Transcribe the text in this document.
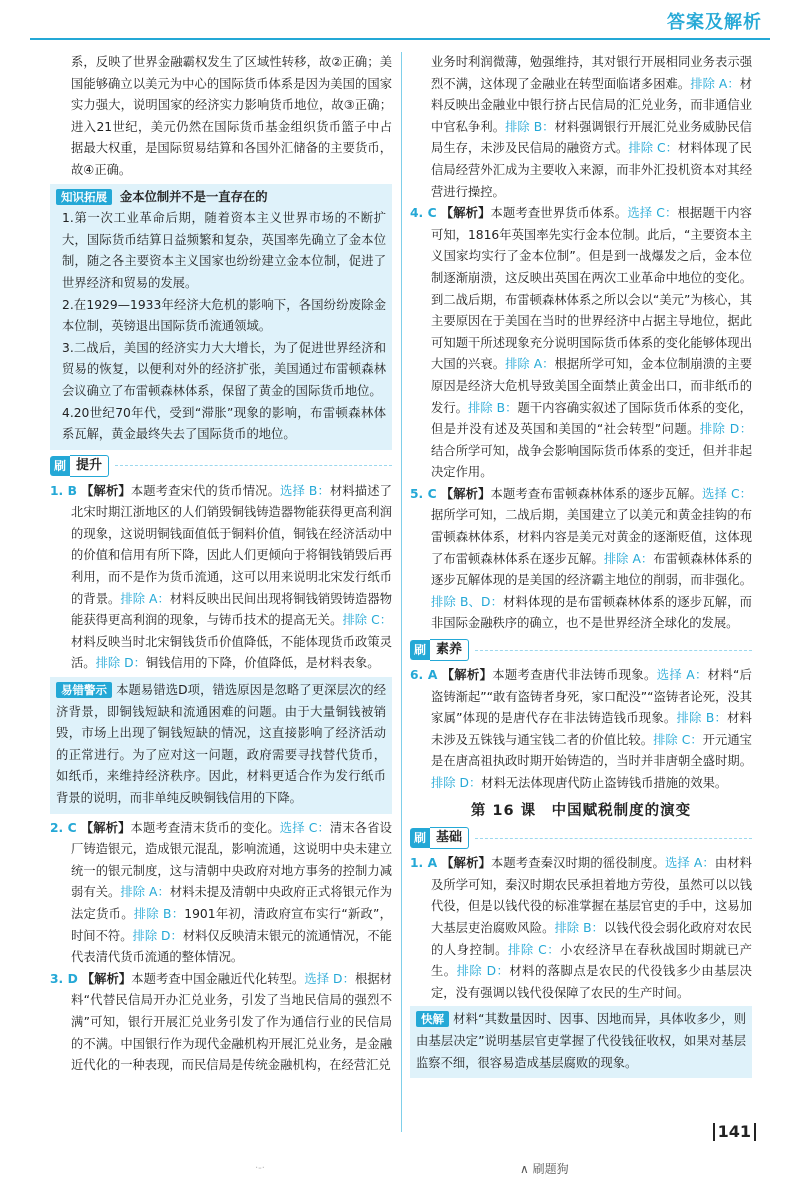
答案及解析

系，反映了世界金融霸权发生了区域性转移，故②正确；美国能够确立以美元为中心的国际货币体系是因为美国的国家实力强大，说明国家的经济实力影响货币地位，故③正确；进入21世纪，美元仍然在国际货币基金组织货币篮子中占据最大权重，是国际贸易结算和各国外汇储备的主要货币，故④正确。

知识拓展 金本位制并不是一直存在的
1.第一次工业革命后期，随着资本主义世界市场的不断扩大，国际货币结算日益频繁和复杂，英国率先确立了金本位制，随之各主要资本主义国家也纷纷建立金本位制，促进了世界经济和贸易的发展。
2.在1929—1933年经济大危机的影响下，各国纷纷废除金本位制，英镑退出国际货币流通领域。
3.二战后，美国的经济实力大大增长，为了促进世界经济和贸易的恢复，以便利对外的经济扩张，美国通过布雷顿森林会议确立了布雷顿森林体系，保留了黄金的国际货币地位。
4.20世纪70年代，受到“滞胀”现象的影响，布雷顿森林体系瓦解，黄金最终失去了国际货币的地位。
刷 提升

1. B 【解析】本题考查宋代的货币情况。选择 B：材料描述了北宋时期江浙地区的人们销毁铜钱铸造器物能获得更高利润的现象，这说明铜钱面值低于铜料价值，铜钱在经济活动中的价值和信用有所下降，因此人们更倾向于将铜钱销毁后再利用，而不是作为货币流通，这可以用来说明北宋发行纸币的背景。排除 A：材料反映出民间出现将铜钱销毁铸造器物能获得更高利润的现象，与铸币技术的提高无关。排除 C：材料反映当时北宋铜钱货币价值降低，不能体现货币政策灵活。排除 D：铜钱信用的下降，价值降低，是材料表象。

易错警示 本题易错选D项，错选原因是忽略了更深层次的经济背景，即铜钱短缺和流通困难的问题。由于大量铜钱被销毁，市场上出现了铜钱短缺的情况，这直接影响了经济活动的正常进行。为了应对这一问题，政府需要寻找替代货币，如纸币，来维持经济秩序。因此，材料更适合作为发行纸币背景的说明，而非单纯反映铜钱信用的下降。

2. C 【解析】本题考查清末货币的变化。选择 C：清末各省设厂铸造银元，造成银元混乱，影响流通，这说明中央未建立统一的银元制度，这与清朝中央政府对地方事务的控制力减弱有关。排除 A：材料未提及清朝中央政府正式将银元作为法定货币。排除 B：1901年初，清政府宣布实行“新政”，时间不符。排除 D：材料仅反映清末银元的流通情况，不能代表清代货币流通的整体情况。

3. D 【解析】本题考查中国金融近代化转型。选择 D：根据材料“代替民信局开办汇兑业务，引发了当地民信局的强烈不满”可知，银行开展汇兑业务引发了作为通信行业的民信局的不满。中国银行作为现代金融机构开展汇兑业务，是金融近代化的一种表现，而民信局是传统金融机构，在经营汇兑

业务时利润微薄，勉强维持，其对银行开展相同业务表示强烈不满，这体现了金融业在转型面临诸多困难。排除 A：材料反映出金融业中银行挤占民信局的汇兑业务，而非通信业中官私争利。排除 B：材料强调银行开展汇兑业务威胁民信局生存，未涉及民信局的融资方式。排除 C：材料体现了民信局经营外汇成为主要收入来源，而非外汇投机资本对其经营进行操控。

4. C 【解析】本题考查世界货币体系。选择 C：根据题干内容可知，1816年英国率先实行金本位制。此后，“主要资本主义国家均实行了金本位制”。但是到一战爆发之后，金本位制逐渐崩溃，这反映出英国在两次工业革命中地位的变化。到二战后期，布雷顿森林体系之所以会以“美元”为核心，其主要原因在于美国在当时的世界经济中占据主导地位，据此可知题干所述现象充分说明国际货币体系的变化能够体现出大国的兴衰。排除 A：根据所学可知，金本位制崩溃的主要原因是经济大危机导致美国全面禁止黄金出口，而非纸币的发行。排除 B：题干内容确实叙述了国际货币体系的变化，但是并没有述及英国和美国的“社会转型”问题。排除 D：结合所学可知，战争会影响国际货币体系的变迁，但并非起决定作用。

5. C 【解析】本题考查布雷顿森林体系的逐步瓦解。选择 C：据所学可知，二战后期，美国建立了以美元和黄金挂钩的布雷顿森林体系，材料内容是美元对黄金的逐渐贬值，这体现了布雷顿森林体系在逐步瓦解。排除 A：布雷顿森林体系的逐步瓦解体现的是美国的经济霸主地位的削弱，而非强化。排除 B、D：材料体现的是布雷顿森林体系的逐步瓦解，而非国际金融秩序的确立，也不是世界经济全球化的发展。

刷 素养

6. A 【解析】本题考查唐代非法铸币现象。选择 A：材料“后盗铸渐起”“敢有盗铸者身死，家口配没”“盗铸者论死，没其家属”体现的是唐代存在非法铸造钱币现象。排除 B：材料未涉及五铢钱与通宝钱二者的价值比较。排除 C：开元通宝是在唐高祖执政时期开始铸造的，当时并非唐朝全盛时期。排除 D：材料无法体现唐代防止盗铸钱币措施的效果。

第 16 课　中国赋税制度的演变
刷 基础

1. A 【解析】本题考查秦汉时期的徭役制度。选择 A：由材料及所学可知，秦汉时期农民承担着地方劳役，虽然可以以钱代役，但是以钱代役的标准掌握在基层官吏的手中，这易加大基层吏治腐败风险。排除 B：以钱代役会弱化政府对农民的人身控制。排除 C：小农经济早在春秋战国时期就已产生。排除 D：材料的落脚点是农民的代役钱多少由基层决定，没有强调以钱代役保障了农民的生产时间。

快解 材料“其数量因时、因事、因地而异，具体收多少，则由基层决定”说明基层官吏掌握了代役钱征收权，如果对基层监察不细，很容易造成基层腐败的现象。
141
·-·	∧ 刷题狗
